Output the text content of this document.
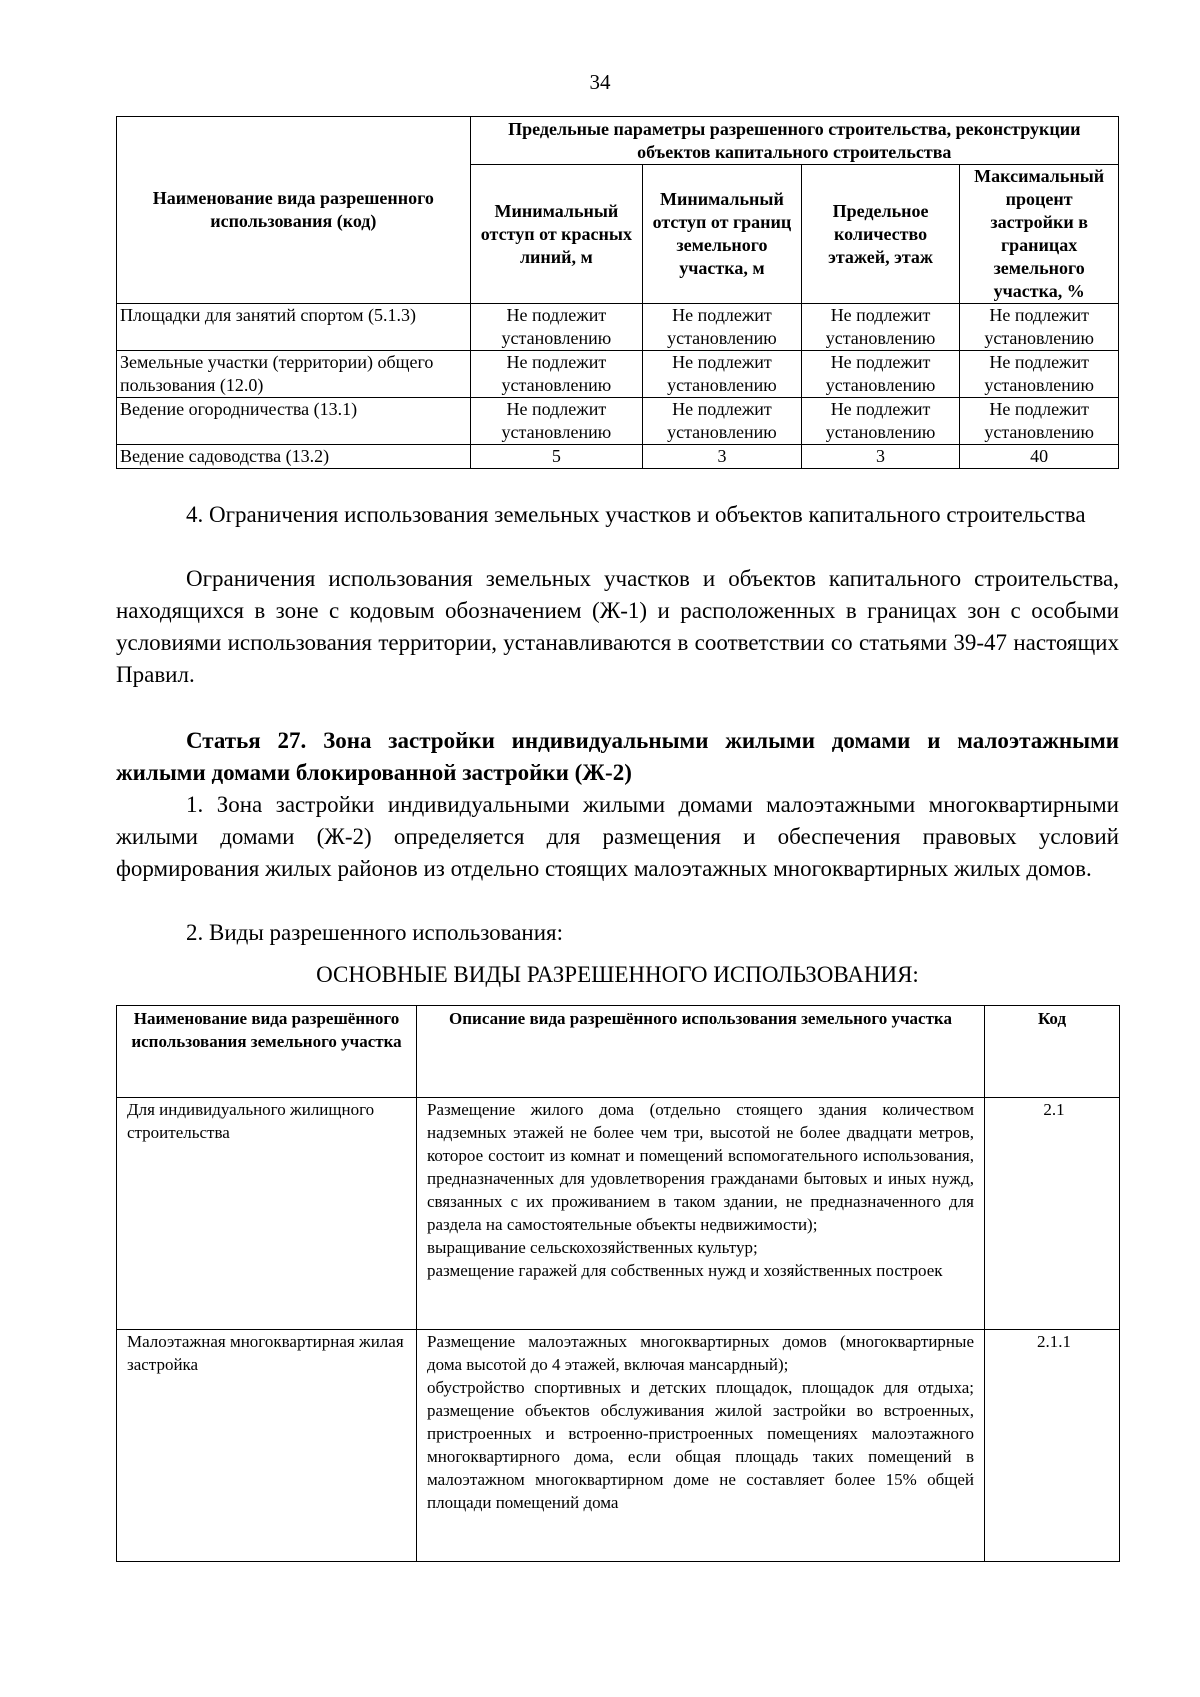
34
Наименование вида разрешенного использования (код)	Предельные параметры разрешенного строительства, реконструкции объектов капитального строительства			
	Минимальный отступ от красных линий, м	Минимальный отступ от границ земельного участка, м	Предельное количество этажей, этаж	Максимальный процент застройки в границах земельного участка, %
Площадки для занятий спортом (5.1.3)	Не подлежит установлению	Не подлежит установлению	Не подлежит установлению	Не подлежит установлению
Земельные участки (территории) общего пользования (12.0)	Не подлежит установлению	Не подлежит установлению	Не подлежит установлению	Не подлежит установлению
Ведение огородничества (13.1)	Не подлежит установлению	Не подлежит установлению	Не подлежит установлению	Не подлежит установлению
Ведение садоводства (13.2)	5	3	3	40
4. Ограничения использования земельных участков и объектов капитального строительства
Ограничения использования земельных участков и объектов капитального строительства, находящихся в зоне с кодовым обозначением (Ж-1) и расположенных в границах зон с особыми условиями использования территории, устанавливаются в соответствии со статьями 39-47 настоящих Правил.
Статья 27. Зона застройки индивидуальными жилыми домами и малоэтажными жилыми домами блокированной застройки (Ж-2)
1. Зона застройки индивидуальными жилыми домами малоэтажными многоквартирными жилыми домами (Ж-2) определяется для размещения и обеспечения правовых условий формирования жилых районов из отдельно стоящих малоэтажных многоквартирных жилых домов.
2. Виды разрешенного использования:
ОСНОВНЫЕ ВИДЫ РАЗРЕШЕННОГО ИСПОЛЬЗОВАНИЯ:
Наименование вида разрешённого использования земельного участка	Описание вида разрешённого использования земельного участка	Код
Для индивидуального жилищного строительства	Размещение жилого дома (отдельно стоящего здания количеством надземных этажей не более чем три, высотой не более двадцати метров, которое состоит из комнат и помещений вспомогательного использования, предназначенных для удовлетворения гражданами бытовых и иных нужд, связанных с их проживанием в таком здании, не предназначенного для раздела на самостоятельные объекты недвижимости);
выращивание сельскохозяйственных культур;
размещение гаражей для собственных нужд и хозяйственных построек	2.1
Малоэтажная многоквартирная жилая застройка	Размещение малоэтажных многоквартирных домов (многоквартирные дома высотой до 4 этажей, включая мансардный);
обустройство спортивных и детских площадок, площадок для отдыха; размещение объектов обслуживания жилой застройки во встроенных, пристроенных и встроенно-пристроенных помещениях малоэтажного многоквартирного дома, если общая площадь таких помещений в малоэтажном многоквартирном доме не составляет более 15% общей площади помещений дома	2.1.1
